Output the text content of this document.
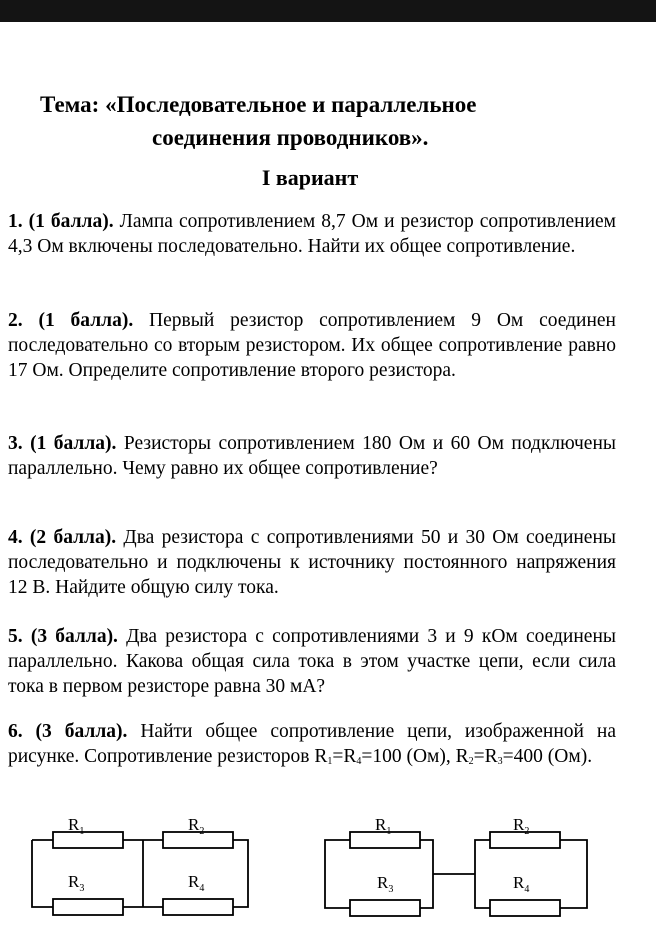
Тема: «Последовательное и параллельное
соединения проводников».
I вариант
1. (1 балла). Лампа сопротивлением 8,7 Ом и резистор сопротивлением 4,3 Ом включены последовательно. Найти их общее сопротивление.
2. (1 балла). Первый резистор сопротивлением 9 Ом соединен последовательно со вторым резистором. Их общее сопротивление равно 17 Ом. Определите сопротивление второго резистора.
3. (1 балла). Резисторы сопротивлением 180 Ом и 60 Ом подключены параллельно. Чему равно их общее сопротивление?
4. (2 балла). Два резистора с сопротивлениями 50 и 30 Ом соединены последовательно и подключены к источнику постоянного напряжения 12 В. Найдите общую силу тока.
5. (3 балла). Два резистора с сопротивлениями 3 и 9 кОм соединены параллельно. Какова общая сила тока в этом участке цепи, если сила тока в первом резисторе равна 30 мА?
6. (3 балла). Найти общее сопротивление цепи, изображенной на рисунке. Сопротивление резисторов $R_1=R_4=100$ (Ом), $R_2=R_3=400$ (Ом).
$R_1$	$R_2$
$R_3$	$R_4$
$R_1$
$R_3$
$R_2$
$R_4$
